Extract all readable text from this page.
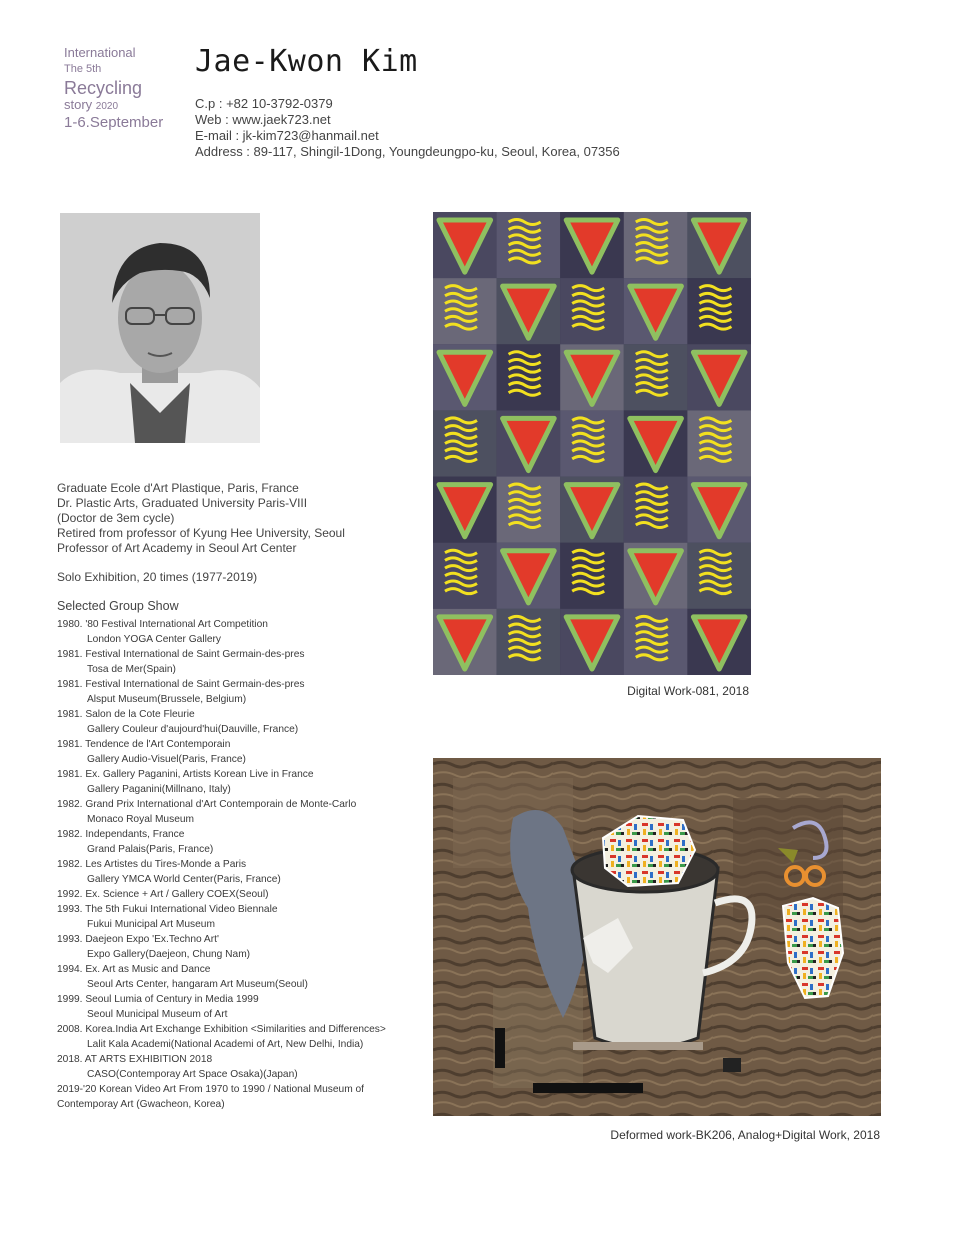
International
The 5th
Recycling
story 2020
1-6.September
Jae-Kwon Kim
C.p : +82 10-3792-0379
Web : www.jaek723.net
E-mail : jk-kim723@hanmail.net
Address : 89-117, Shingil-1Dong, Youngdeungpo-ku, Seoul, Korea, 07356
Graduate Ecole d'Art Plastique, Paris, France
Dr. Plastic Arts, Graduated University Paris-VIII
(Doctor de 3em cycle)
Retired from professor of Kyung Hee University, Seoul
Professor of Art Academy in Seoul Art Center
Solo Exhibition, 20 times (1977-2019)
Selected Group Show
1980. '80 Festival International Art Competition
London YOGA Center Gallery
1981. Festival International de Saint Germain-des-pres
Tosa de Mer(Spain)
1981. Festival International de Saint Germain-des-pres
Alsput Museum(Brussele, Belgium)
1981. Salon de la Cote Fleurie
Gallery Couleur d'aujourd'hui(Dauville, France)
1981. Tendence de l'Art Contemporain
Gallery Audio-Visuel(Paris, France)
1981. Ex. Gallery Paganini, Artists Korean Live in France
Gallery Paganini(Millnano, Italy)
1982. Grand Prix International d'Art Contemporain de Monte-Carlo
Monaco Royal Museum
1982. Independants, France
Grand Palais(Paris, France)
1982. Les Artistes du Tires-Monde a Paris
Gallery YMCA World Center(Paris, France)
1992. Ex. Science + Art / Gallery COEX(Seoul)
1993. The 5th Fukui International Video Biennale
Fukui Municipal Art Museum
1993. Daejeon Expo 'Ex.Techno Art'
Expo Gallery(Daejeon, Chung Nam)
1994. Ex. Art as Music and Dance
Seoul Arts Center, hangaram Art Museum(Seoul)
1999. Seoul Lumia of Century in Media 1999
Seoul Municipal Museum of Art
2008. Korea.India Art Exchange Exhibition <Similarities and Differences>
Lalit Kala Academi(National Academi of Art, New Delhi, India)
2018. AT ARTS EXHIBITION 2018
CASO(Contemporay Art Space Osaka)(Japan)
2019-'20 Korean Video Art From 1970 to 1990 / National Museum of
Contemporay Art (Gwacheon, Korea)
Digital Work-081, 2018
Deformed work-BK206, Analog+Digital Work, 2018
